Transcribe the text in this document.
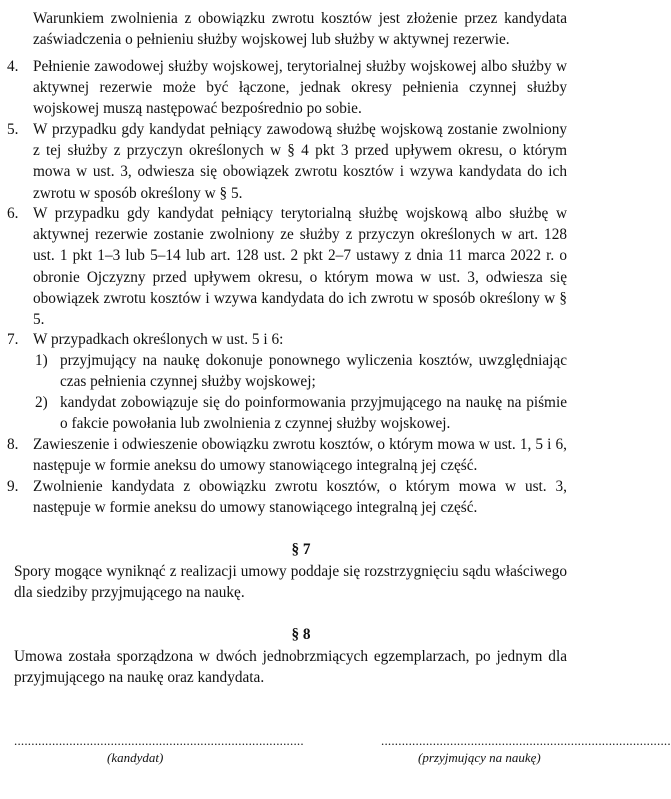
Warunkiem zwolnienia z obowiązku zwrotu kosztów jest złożenie przez kandydata zaświadczenia o pełnieniu służby wojskowej lub służby w aktywnej rezerwie.

4. Pełnienie zawodowej służby wojskowej, terytorialnej służby wojskowej albo służby w aktywnej rezerwie może być łączone, jednak okresy pełnienia czynnej służby wojskowej muszą następować bezpośrednio po sobie.

5. W przypadku gdy kandydat pełniący zawodową służbę wojskową zostanie zwolniony z tej służby z przyczyn określonych w § 4 pkt 3 przed upływem okresu, o którym mowa w ust. 3, odwiesza się obowiązek zwrotu kosztów i wzywa kandydata do ich zwrotu w sposób określony w § 5.

6. W przypadku gdy kandydat pełniący terytorialną służbę wojskową albo służbę w aktywnej rezerwie zostanie zwolniony ze służby z przyczyn określonych w art. 128 ust. 1 pkt 1–3 lub 5–14 lub art. 128 ust. 2 pkt 2–7 ustawy z dnia 11 marca 2022 r. o obronie Ojczyzny przed upływem okresu, o którym mowa w ust. 3, odwiesza się obowiązek zwrotu kosztów i wzywa kandydata do ich zwrotu w sposób określony w § 5.

7. W przypadkach określonych w ust. 5 i 6:

1) przyjmujący na naukę dokonuje ponownego wyliczenia kosztów, uwzględniając czas pełnienia czynnej służby wojskowej;

2) kandydat zobowiązuje się do poinformowania przyjmującego na naukę na piśmie o fakcie powołania lub zwolnienia z czynnej służby wojskowej.

8. Zawieszenie i odwieszenie obowiązku zwrotu kosztów, o którym mowa w ust. 1, 5 i 6, następuje w formie aneksu do umowy stanowiącego integralną jej część.

9. Zwolnienie kandydata z obowiązku zwrotu kosztów, o którym mowa w ust. 3, następuje w formie aneksu do umowy stanowiącego integralną jej część.

§ 7

Spory mogące wyniknąć z realizacji umowy poddaje się rozstrzygnięciu sądu właściwego dla siedziby przyjmującego na naukę.

§ 8

Umowa została sporządzona w dwóch jednobrzmiących egzemplarzach, po jednym dla przyjmującego na naukę oraz kandydata.

....................................................................................
(kandydat)
....................................................................................
(przyjmujący na naukę)
